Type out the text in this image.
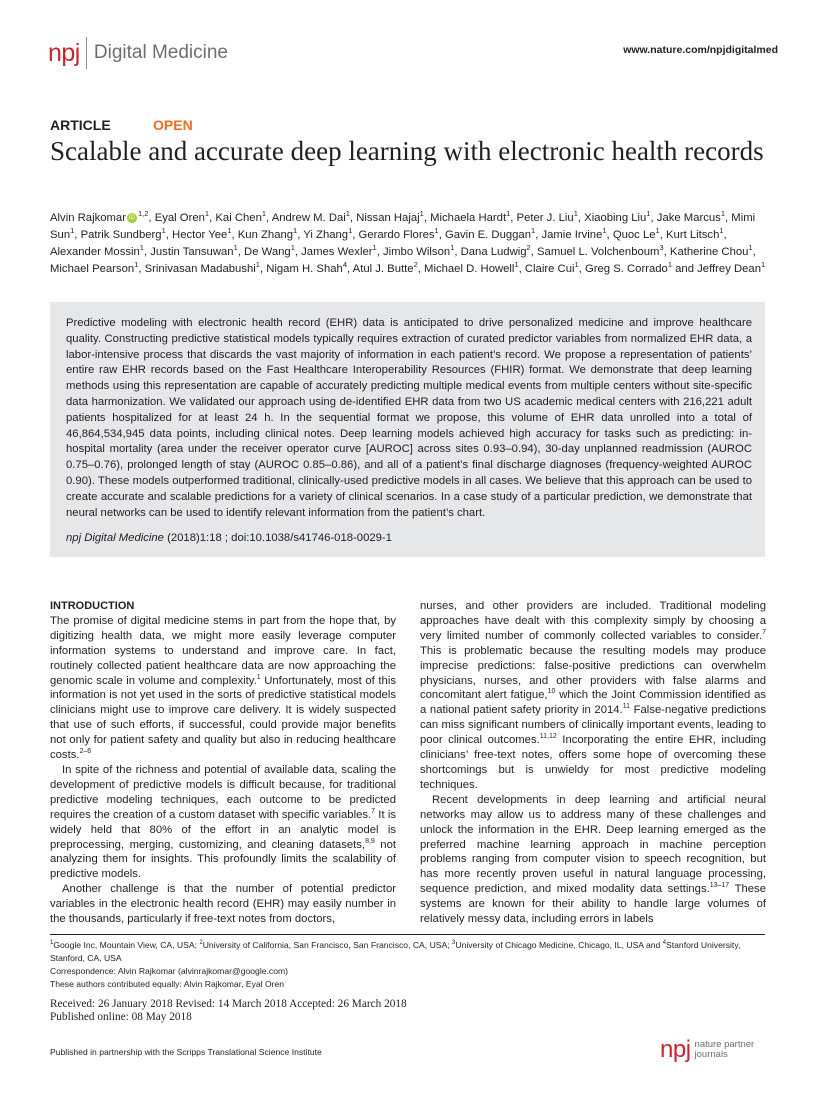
npj Digital Medicine	www.nature.com/npjdigitalmed
ARTICLE	OPEN
Scalable and accurate deep learning with electronic health records
Alvin Rajkomar iD $^{1,2}$, Eyal Oren$^1$, Kai Chen$^1$, Andrew M. Dai$^1$, Nissan Hajaj$^1$, Michaela Hardt$^1$, Peter J. Liu$^1$, Xiaobing Liu$^1$, Jake Marcus$^1$, Mimi Sun$^1$, Patrik Sundberg$^1$, Hector Yee$^1$, Kun Zhang$^1$, Yi Zhang$^1$, Gerardo Flores$^1$, Gavin E. Duggan$^1$, Jamie Irvine$^1$, Quoc Le$^1$, Kurt Litsch$^1$, Alexander Mossin$^1$, Justin Tansuwan$^1$, De Wang$^1$, James Wexler$^1$, Jimbo Wilson$^1$, Dana Ludwig$^2$, Samuel L. Volchenboum$^3$, Katherine Chou$^1$, Michael Pearson$^1$, Srinivasan Madabushi$^1$, Nigam H. Shah$^4$, Atul J. Butte$^2$, Michael D. Howell$^1$, Claire Cui$^1$, Greg S. Corrado$^1$ and Jeffrey Dean$^1$
Predictive modeling with electronic health record (EHR) data is anticipated to drive personalized medicine and improve healthcare quality. Constructing predictive statistical models typically requires extraction of curated predictor variables from normalized EHR data, a labor-intensive process that discards the vast majority of information in each patient’s record. We propose a representation of patients’ entire raw EHR records based on the Fast Healthcare Interoperability Resources (FHIR) format. We demonstrate that deep learning methods using this representation are capable of accurately predicting multiple medical events from multiple centers without site-specific data harmonization. We validated our approach using de-identified EHR data from two US academic medical centers with 216,221 adult patients hospitalized for at least 24 h. In the sequential format we propose, this volume of EHR data unrolled into a total of 46,864,534,945 data points, including clinical notes. Deep learning models achieved high accuracy for tasks such as predicting: in-hospital mortality (area under the receiver operator curve [AUROC] across sites 0.93–0.94), 30-day unplanned readmission (AUROC 0.75–0.76), prolonged length of stay (AUROC 0.85–0.86), and all of a patient’s final discharge diagnoses (frequency-weighted AUROC 0.90). These models outperformed traditional, clinically-used predictive models in all cases. We believe that this approach can be used to create accurate and scalable predictions for a variety of clinical scenarios. In a case study of a particular prediction, we demonstrate that neural networks can be used to identify relevant information from the patient’s chart.
npj Digital Medicine (2018)1:18 ; doi:10.1038/s41746-018-0029-1
INTRODUCTION

The promise of digital medicine stems in part from the hope that, by digitizing health data, we might more easily leverage computer information systems to understand and improve care. In fact, routinely collected patient healthcare data are now approaching the genomic scale in volume and complexity.$^1$ Unfortunately, most of this information is not yet used in the sorts of predictive statistical models clinicians might use to improve care delivery. It is widely suspected that use of such efforts, if successful, could provide major benefits not only for patient safety and quality but also in reducing healthcare costs.$^{2-6}$

In spite of the richness and potential of available data, scaling the development of predictive models is difficult because, for traditional predictive modeling techniques, each outcome to be predicted requires the creation of a custom dataset with specific variables.$^7$ It is widely held that 80% of the effort in an analytic model is preprocessing, merging, customizing, and cleaning datasets,$^{8,9}$ not analyzing them for insights. This profoundly limits the scalability of predictive models.

Another challenge is that the number of potential predictor variables in the electronic health record (EHR) may easily number in the thousands, particularly if free-text notes from doctors,

nurses, and other providers are included. Traditional modeling approaches have dealt with this complexity simply by choosing a very limited number of commonly collected variables to consider.$^7$ This is problematic because the resulting models may produce imprecise predictions: false-positive predictions can overwhelm physicians, nurses, and other providers with false alarms and concomitant alert fatigue,$^{10}$ which the Joint Commission identified as a national patient safety priority in 2014.11 False-negative predictions can miss significant numbers of clinically important events, leading to poor clinical outcomes.$^{11,12}$ Incorporating the entire EHR, including clinicians’ free-text notes, offers some hope of overcoming these shortcomings but is unwieldy for most predictive modeling techniques.

Recent developments in deep learning and artificial neural networks may allow us to address many of these challenges and unlock the information in the EHR. Deep learning emerged as the preferred machine learning approach in machine perception problems ranging from computer vision to speech recognition, but has more recently proven useful in natural language processing, sequence prediction, and mixed modality data settings.$^{13-17}$ These systems are known for their ability to handle large volumes of relatively messy data, including errors in labels

$^1$Google Inc, Mountain View, CA, USA; $^2$University of California, San Francisco, San Francisco, CA, USA; $^3$University of Chicago Medicine, Chicago, IL, USA and $^4$Stanford University, Stanford, CA, USA
Correspondence: Alvin Rajkomar (alvinrajkomar@google.com)
These authors contributed equally: Alvin Rajkomar, Eyal Oren
Received: 26 January 2018 Revised: 14 March 2018 Accepted: 26 March 2018
Published online: 08 May 2018
Published in partnership with the Scripps Translational Science Institute	npj nature partner
journals
